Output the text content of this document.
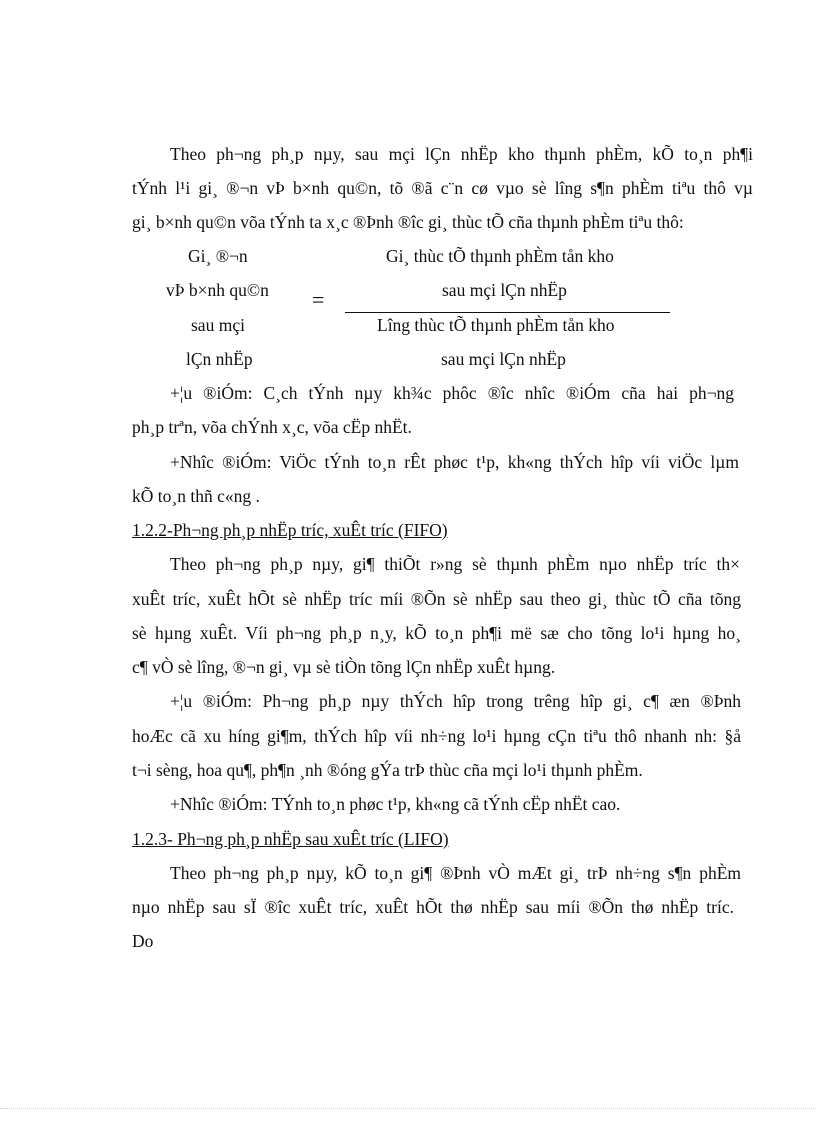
Theo ph¬ng ph¸p nµy, sau mçi lÇn nhËp kho thµnh phÈm, kÕ to¸n ph¶i
tÝnh l¹i gi¸ ®¬n vÞ b×nh qu©n, tõ ®ã c¨n cø vµo sè lîng s¶n phÈm tiªu thô vµ
gi¸ b×nh qu©n võa tÝnh ta x¸c ®Þnh ®îc gi¸ thùc tÕ cña thµnh phÈm tiªu thô:
Gi¸ ®¬n
vÞ b×nh qu©n
sau mçi
lÇn nhËp
=
Gi¸ thùc tÕ thµnh phÈm tån kho
sau mçi lÇn nhËp
Lîng thùc tÕ thµnh phÈm tån kho
sau mçi lÇn nhËp
+¦u ®iÓm: C¸ch tÝnh nµy kh¾c phôc ®îc nhîc ®iÓm cña hai ph¬ng
ph¸p trªn, võa chÝnh x¸c, võa cËp nhËt.
+Nhîc ®iÓm: ViÖc tÝnh to¸n rÊt phøc t¹p, kh«ng thÝch hîp víi viÖc lµm
kÕ to¸n thñ c«ng .
1.2.2-Ph¬ng ph¸p nhËp tríc, xuÊt tríc (FIFO)
Theo ph¬ng ph¸p nµy, gi¶ thiÕt r»ng sè thµnh phÈm nµo nhËp tríc th×
xuÊt tríc, xuÊt hÕt sè nhËp tríc míi ®Õn sè nhËp sau theo gi¸ thùc tÕ cña tõng
sè hµng xuÊt. Víi ph¬ng ph¸p n¸y, kÕ to¸n ph¶i më sæ cho tõng lo¹i hµng ho¸
c¶ vÒ sè lîng, ®¬n gi¸ vµ sè tiÒn tõng lÇn nhËp xuÊt hµng.
+¦u ®iÓm: Ph¬ng ph¸p nµy thÝch hîp trong trêng hîp gi¸ c¶ æn ®Þnh
hoÆc cã xu híng gi¶m, thÝch hîp víi nh÷ng lo¹i hµng cÇn tiªu thô nhanh nh: §å
t¬i sèng, hoa qu¶, ph¶n ¸nh ®óng gÝa trÞ thùc cña mçi lo¹i thµnh phÈm.
+Nhîc ®iÓm: TÝnh to¸n phøc t¹p, kh«ng cã tÝnh cËp nhËt cao.
1.2.3- Ph¬ng ph¸p nhËp sau xuÊt tríc (LIFO)
Theo ph¬ng ph¸p nµy, kÕ to¸n gi¶ ®Þnh vÒ mÆt gi¸ trÞ nh÷ng s¶n phÈm
nµo nhËp sau sÏ ®îc xuÊt tríc, xuÊt hÕt thø nhËp sau míi ®Õn thø nhËp tríc.
Do
